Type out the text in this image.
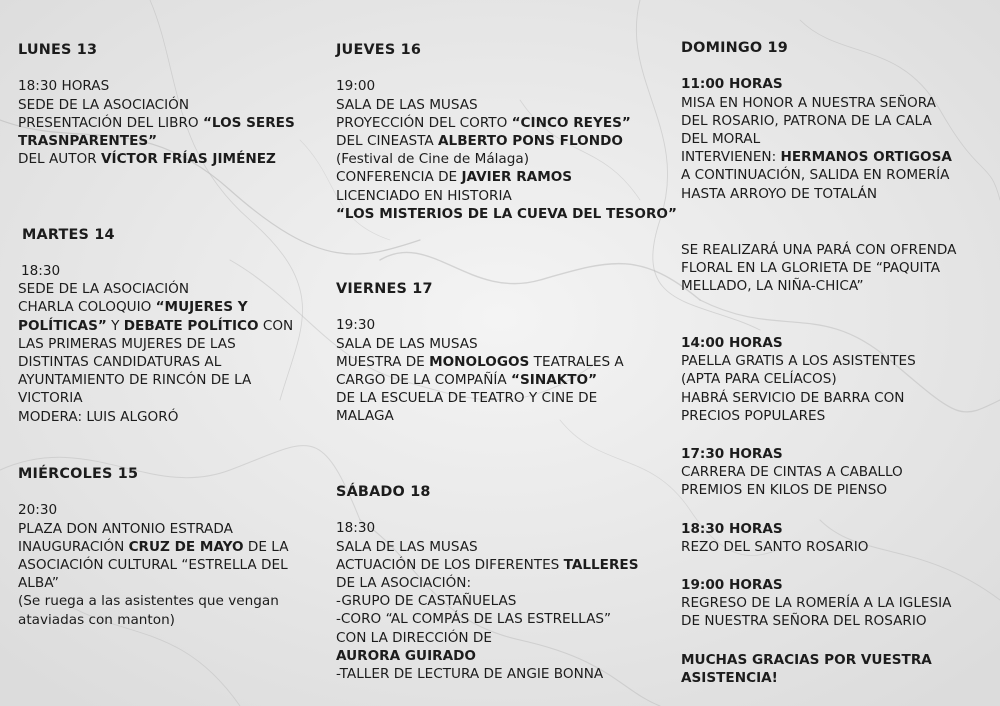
LUNES 13
18:30 HORAS
SEDE DE LA ASOCIACIÓN
PRESENTACIÓN DEL LIBRO “LOS SERES
TRASNPARENTES”
DEL AUTOR VÍCTOR FRÍAS JIMÉNEZ
MARTES 14
18:30
SEDE DE LA ASOCIACIÓN
CHARLA COLOQUIO “MUJERES Y
POLÍTICAS” Y DEBATE POLÍTICO CON
LAS PRIMERAS MUJERES DE LAS
DISTINTAS CANDIDATURAS AL
AYUNTAMIENTO DE RINCÓN DE LA
VICTORIA
MODERA: LUIS ALGORÓ
MIÉRCOLES 15
20:30
PLAZA DON ANTONIO ESTRADA
INAUGURACIÓN CRUZ DE MAYO DE LA
ASOCIACIÓN CULTURAL “ESTRELLA DEL
ALBA”
(Se ruega a las asistentes que vengan
ataviadas con manton)
JUEVES 16
19:00
SALA DE LAS MUSAS
PROYECCIÓN DEL CORTO “CINCO REYES”
DEL CINEASTA ALBERTO PONS FLONDO
(Festival de Cine de Málaga)
CONFERENCIA DE JAVIER RAMOS
LICENCIADO EN HISTORIA
“LOS MISTERIOS DE LA CUEVA DEL TESORO”
VIERNES 17
19:30
SALA DE LAS MUSAS
MUESTRA DE MONOLOGOS TEATRALES A
CARGO DE LA COMPAÑÍA “SINAKTO”
DE LA ESCUELA DE TEATRO Y CINE DE
MALAGA
SÁBADO 18
18:30
SALA DE LAS MUSAS
ACTUACIÓN DE LOS DIFERENTES TALLERES
DE LA ASOCIACIÓN:
-GRUPO DE CASTAÑUELAS
-CORO “AL COMPÁS DE LAS ESTRELLAS”
CON LA DIRECCIÓN DE
AURORA GUIRADO
-TALLER DE LECTURA DE ANGIE BONNA
DOMINGO 19
11:00 HORAS
MISA EN HONOR A NUESTRA SEÑORA
DEL ROSARIO, PATRONA DE LA CALA
DEL MORAL
INTERVIENEN: HERMANOS ORTIGOSA
A CONTINUACIÓN, SALIDA EN ROMERÍA
HASTA ARROYO DE TOTALÁN
SE REALIZARÁ UNA PARÁ CON OFRENDA
FLORAL EN LA GLORIETA DE “PAQUITA
MELLADO, LA NIÑA-CHICA”
14:00 HORAS
PAELLA GRATIS A LOS ASISTENTES
(APTA PARA CELÍACOS)
HABRÁ SERVICIO DE BARRA CON
PRECIOS POPULARES
17:30 HORAS
CARRERA DE CINTAS A CABALLO
PREMIOS EN KILOS DE PIENSO
18:30 HORAS
REZO DEL SANTO ROSARIO
19:00 HORAS
REGRESO DE LA ROMERÍA A LA IGLESIA
DE NUESTRA SEÑORA DEL ROSARIO
MUCHAS GRACIAS POR VUESTRA
ASISTENCIA!
